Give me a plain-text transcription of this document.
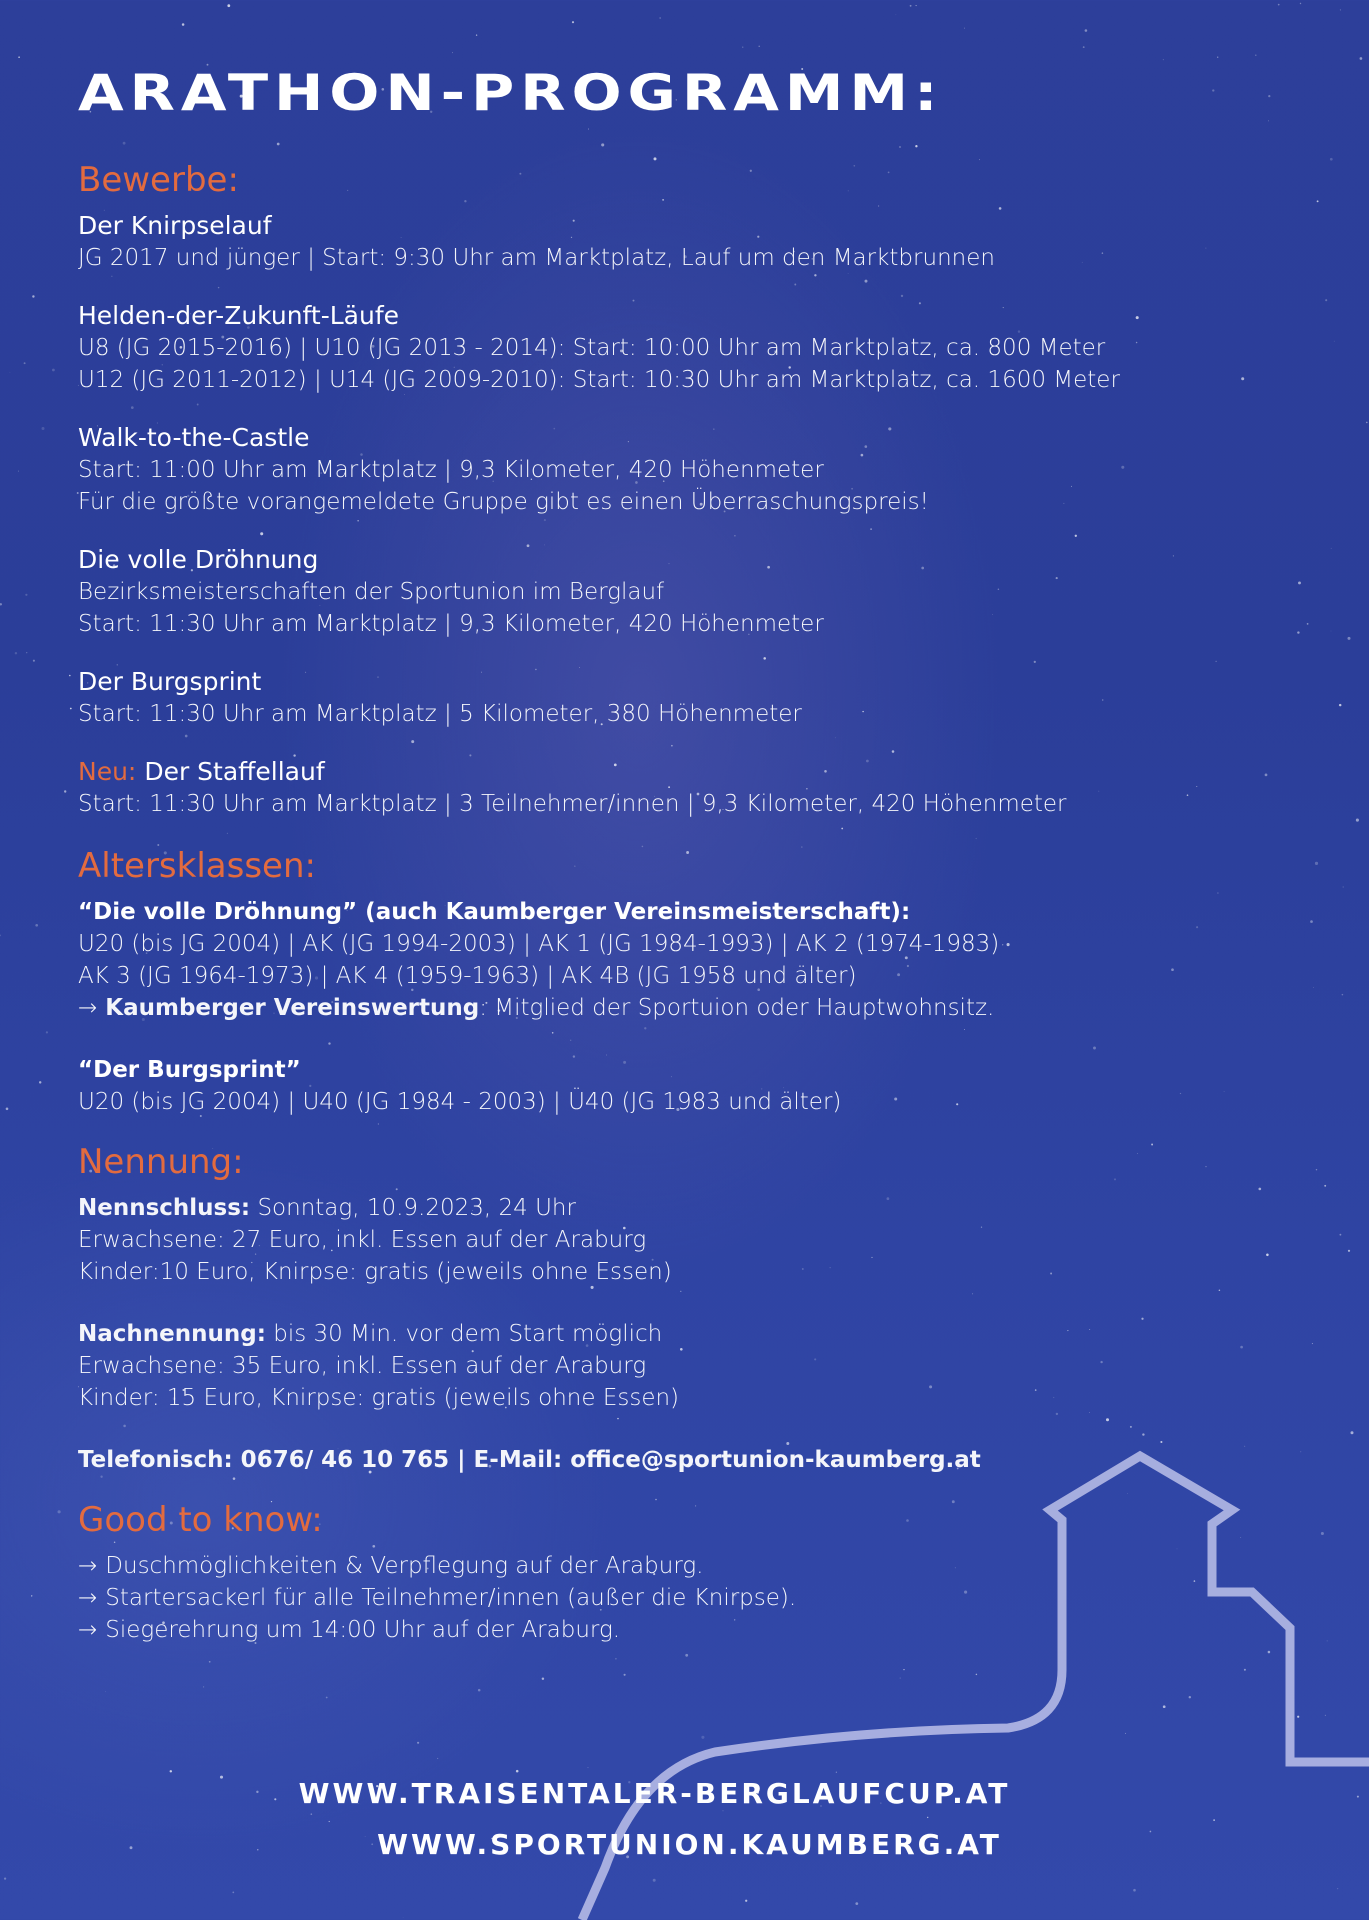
ARATHON-PROGRAMM:
Bewerbe:
Der Knirpselauf
JG 2017 und jünger | Start: 9:30 Uhr am Marktplatz, Lauf um den Marktbrunnen
Helden-der-Zukunft-Läufe
U8 (JG 2015-2016) | U10 (JG 2013 - 2014): Start: 10:00 Uhr am Marktplatz, ca. 800 Meter
U12 (JG 2011-2012) | U14 (JG 2009-2010): Start: 10:30 Uhr am Marktplatz, ca. 1600 Meter
Walk-to-the-Castle
Start: 11:00 Uhr am Marktplatz | 9,3 Kilometer, 420 Höhenmeter
Für die größte vorangemeldete Gruppe gibt es einen Überraschungspreis!
Die volle Dröhnung
Bezirksmeisterschaften der Sportunion im Berglauf
Start: 11:30 Uhr am Marktplatz | 9,3 Kilometer, 420 Höhenmeter
Der Burgsprint
Start: 11:30 Uhr am Marktplatz | 5 Kilometer, 380 Höhenmeter
Neu: Der Staffellauf
Start: 11:30 Uhr am Marktplatz | 3 Teilnehmer/innen | 9,3 Kilometer, 420 Höhenmeter
Altersklassen:
“Die volle Dröhnung” (auch Kaumberger Vereinsmeisterschaft):
U20 (bis JG 2004) | AK (JG 1994-2003) | AK 1 (JG 1984-1993) | AK 2 (1974-1983)
AK 3 (JG 1964-1973) | AK 4 (1959-1963) | AK 4B (JG 1958 und älter)
→ Kaumberger Vereinswertung: Mitglied der Sportuion oder Hauptwohnsitz.
“Der Burgsprint”
U20 (bis JG 2004) | U40 (JG 1984 - 2003) | Ü40 (JG 1983 und älter)
Nennung:
Nennschluss: Sonntag, 10.9.2023, 24 Uhr
Erwachsene: 27 Euro, inkl. Essen auf der Araburg
Kinder:10 Euro, Knirpse: gratis (jeweils ohne Essen)
Nachnennung: bis 30 Min. vor dem Start möglich
Erwachsene: 35 Euro, inkl. Essen auf der Araburg
Kinder: 15 Euro, Knirpse: gratis (jeweils ohne Essen)
Telefonisch: 0676/ 46 10 765 | E-Mail: office@sportunion-kaumberg.at
Good to know:
→ Duschmöglichkeiten & Verpflegung auf der Araburg.
→ Startersackerl für alle Teilnehmer/innen (außer die Knirpse).
→ Siegerehrung um 14:00 Uhr auf der Araburg.
WWW.TRAISENTALER-BERGLAUFCUP.AT
WWW.SPORTUNION.KAUMBERG.AT
